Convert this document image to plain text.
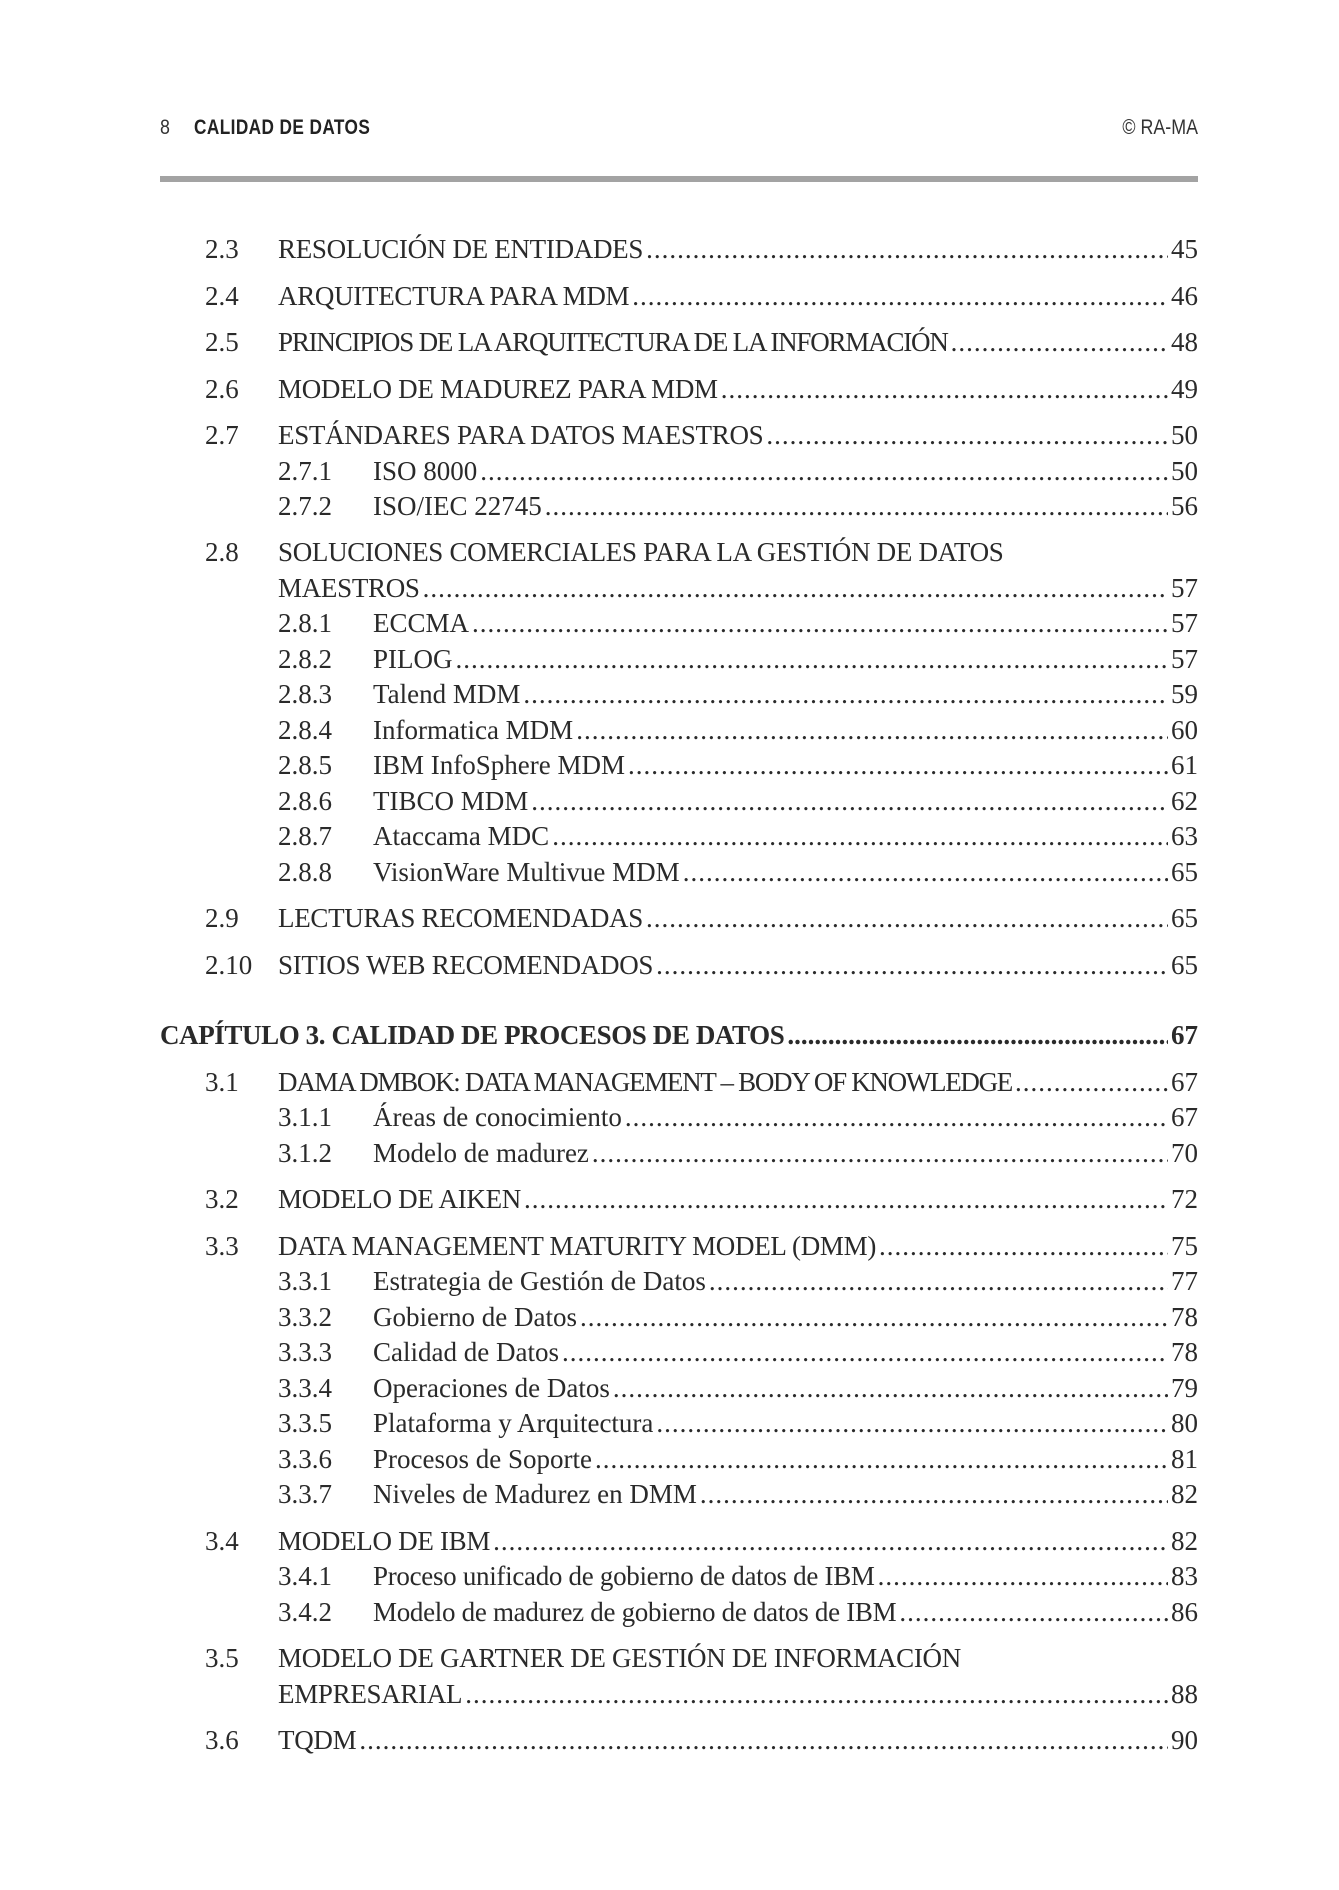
8 CALIDAD DE DATOS	© RA-MA
2.3 RESOLUCIÓN DE ENTIDADES .....	45
2.4 ARQUITECTURA PARA MDM .....	46
2.5 PRINCIPIOS DE LA ARQUITECTURA DE LA INFORMACIÓN .....	48
2.6 MODELO DE MADUREZ PARA MDM .....	49
2.7 ESTÁNDARES PARA DATOS MAESTROS .....	50
2.7.1 ISO 8000 .....	50
2.7.2 ISO/IEC 22745 .....	56
2.8 SOLUCIONES COMERCIALES PARA LA GESTIÓN DE DATOS
MAESTROS .....	57
2.8.1 ECCMA .....	57
2.8.2 PILOG .....	57
2.8.3 Talend MDM .....	59
2.8.4 Informatica MDM .....	60
2.8.5 IBM InfoSphere MDM .....	61
2.8.6 TIBCO MDM .....	62
2.8.7 Ataccama MDC .....	63
2.8.8 VisionWare Multivue MDM .....	65
2.9 LECTURAS RECOMENDADAS .....	65
2.10 SITIOS WEB RECOMENDADOS .....	65
CAPÍTULO 3. CALIDAD DE PROCESOS DE DATOS .....	67
3.1 DAMA DMBOK: DATA MANAGEMENT – BODY OF KNOWLEDGE .....	67
3.1.1 Áreas de conocimiento .....	67
3.1.2 Modelo de madurez .....	70
3.2 MODELO DE AIKEN .....	72
3.3 DATA MANAGEMENT MATURITY MODEL (DMM) .....	75
3.3.1 Estrategia de Gestión de Datos .....	77
3.3.2 Gobierno de Datos .....	78
3.3.3 Calidad de Datos .....	78
3.3.4 Operaciones de Datos .....	79
3.3.5 Plataforma y Arquitectura .....	80
3.3.6 Procesos de Soporte .....	81
3.3.7 Niveles de Madurez en DMM .....	82
3.4 MODELO DE IBM .....	82
3.4.1 Proceso unificado de gobierno de datos de IBM .....	83
3.4.2 Modelo de madurez de gobierno de datos de IBM .....	86
3.5 MODELO DE GARTNER DE GESTIÓN DE INFORMACIÓN
EMPRESARIAL .....	88
3.6 TQDM .....	90
